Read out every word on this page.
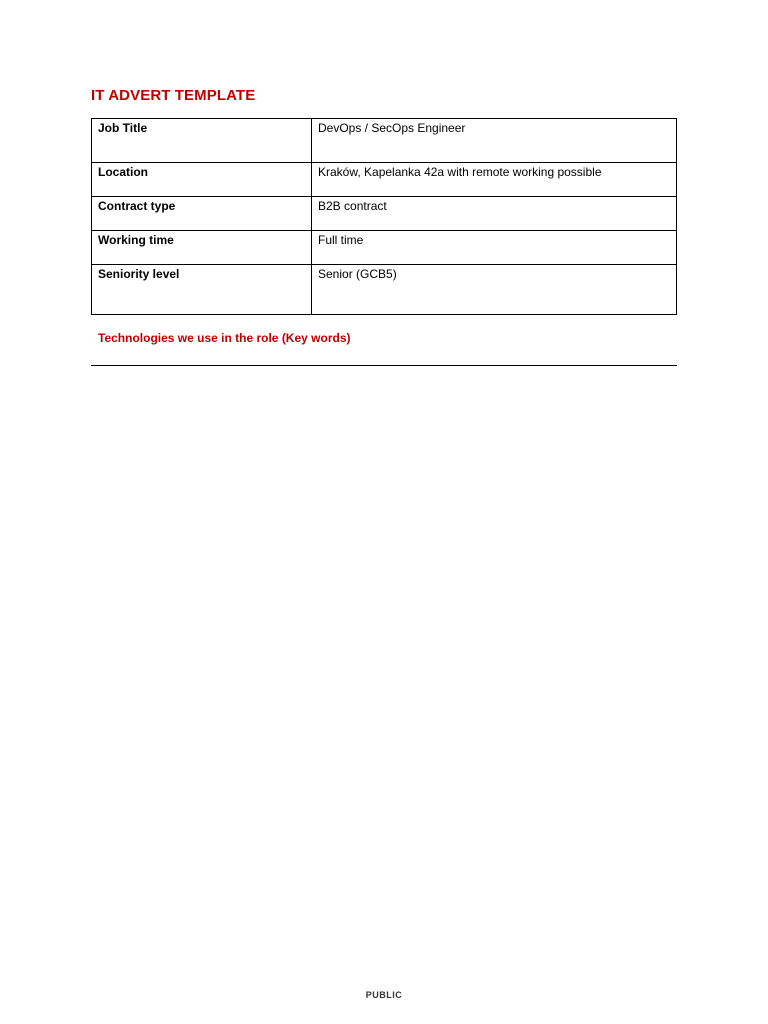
IT ADVERT TEMPLATE
Job Title	DevOps / SecOps Engineer
Location	Kraków, Kapelanka 42a with remote working possible
Contract type	B2B contract
Working time	Full time
Seniority level	Senior (GCB5)
Technologies we use in the role (Key words)
PUBLIC
